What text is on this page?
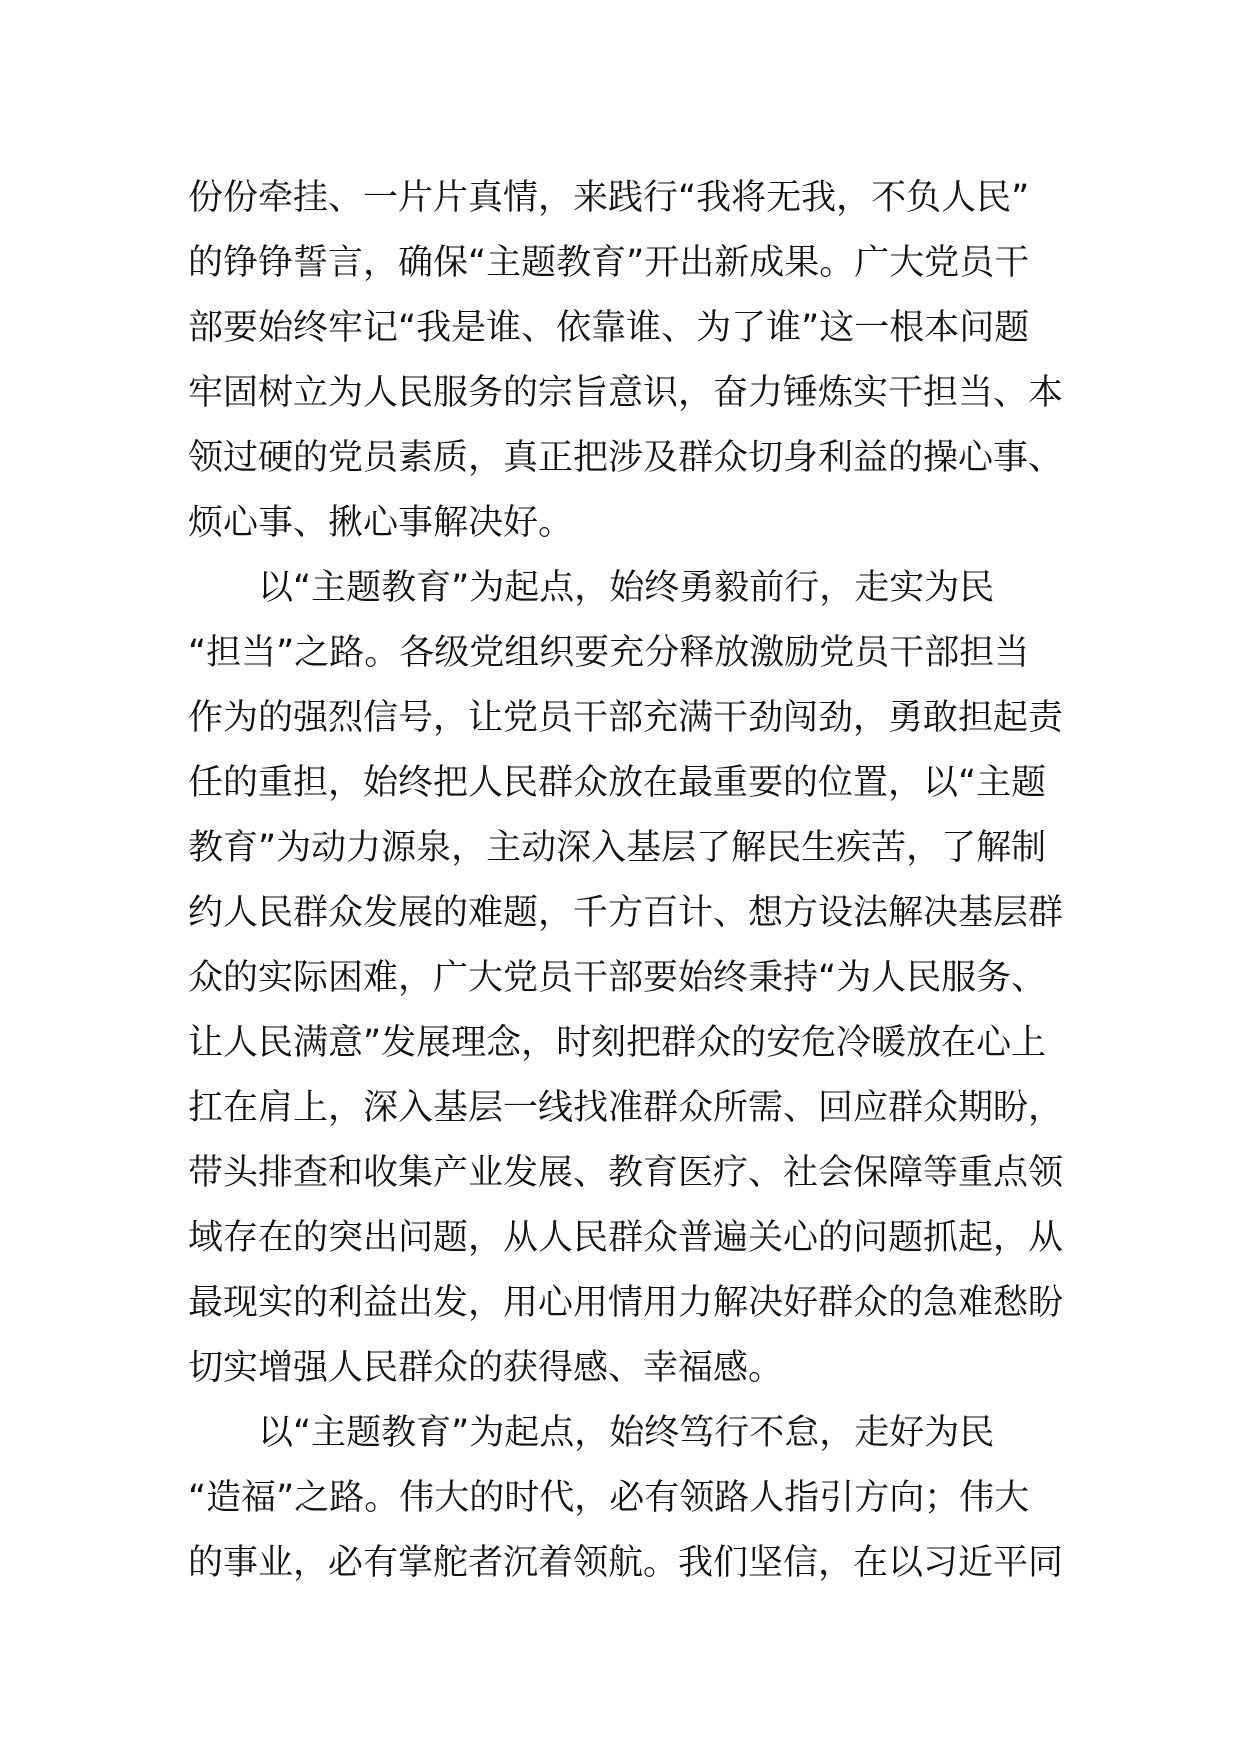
份份牵挂、一片片真情，来践行“我将无我，不负人民”
的铮铮誓言，确保“主题教育”开出新成果。广大党员干
部要始终牢记“我是谁、依靠谁、为了谁”这一根本问题
牢固树立为人民服务的宗旨意识，奋力锤炼实干担当、本
领过硬的党员素质，真正把涉及群众切身利益的操心事、
烦心事、揪心事解决好。
以“主题教育”为起点，始终勇毅前行，走实为民
“担当”之路。各级党组织要充分释放激励党员干部担当
作为的强烈信号，让党员干部充满干劲闯劲，勇敢担起责
任的重担，始终把人民群众放在最重要的位置，以“主题
教育”为动力源泉，主动深入基层了解民生疾苦，了解制
约人民群众发展的难题，千方百计、想方设法解决基层群
众的实际困难，广大党员干部要始终秉持“为人民服务、
让人民满意”发展理念，时刻把群众的安危冷暖放在心上
扛在肩上，深入基层一线找准群众所需、回应群众期盼，
带头排查和收集产业发展、教育医疗、社会保障等重点领
域存在的突出问题，从人民群众普遍关心的问题抓起，从
最现实的利益出发，用心用情用力解决好群众的急难愁盼
切实增强人民群众的获得感、幸福感。
以“主题教育”为起点，始终笃行不怠，走好为民
“造福”之路。伟大的时代，必有领路人指引方向；伟大
的事业，必有掌舵者沉着领航。我们坚信，在以习近平同
